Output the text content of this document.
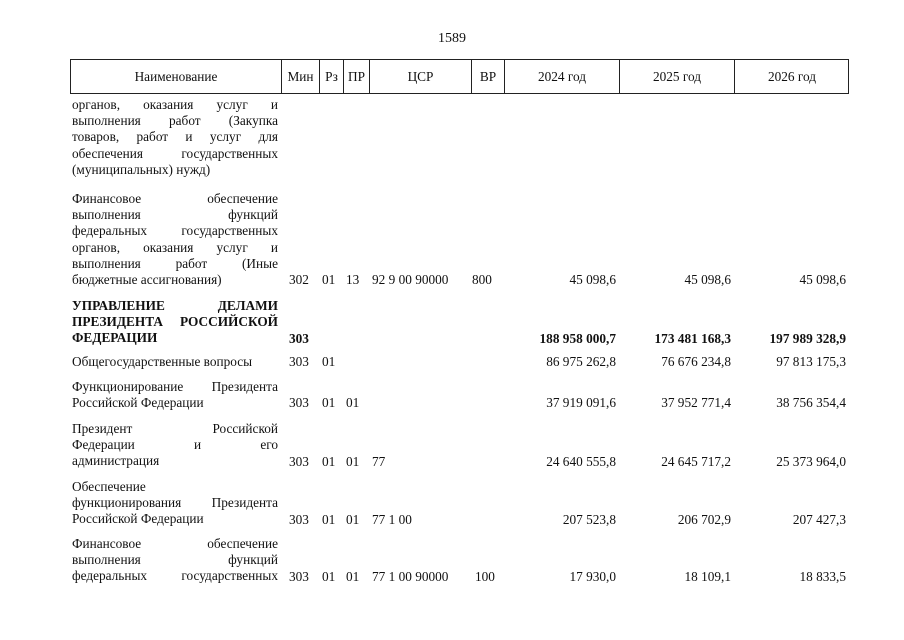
1589
Наименование	Мин Рз ПР	ЦСР	ВР	2024 год	2025 год	2026 год
органов, оказания услуг и
выполнения работ (Закупка
товаров, работ и услуг для
обеспечения государственных
(муниципальных) нужд)
Финансовое обеспечение
выполнения функций
федеральных государственных
органов, оказания услуг и
выполнения работ (Иные
бюджетные ассигнования)	302 01 13 92 9 00 90000 800	45 098,6	45 098,6	45 098,6
УПРАВЛЕНИЕ ДЕЛАМИ
ПРЕЗИДЕНТА РОССИЙСКОЙ
ФЕДЕРАЦИИ	303	188 958 000,7	173 481 168,3	197 989 328,9
Общегосударственные вопросы	303 01	86 975 262,8	76 676 234,8	97 813 175,3
Функционирование Президента
Российской Федерации	303 01 01	37 919 091,6	37 952 771,4	38 756 354,4
Президент Российской
Федерации и его
администрация	303 01 01 77	24 640 555,8	24 645 717,2	25 373 964,0
Обеспечение
функционирования Президента
Российской Федерации	303 01 01 77 1 00	207 523,8	206 702,9	207 427,3
Финансовое обеспечение
выполнения функций
федеральных государственных 303 01 01 77 1 00 90000 100	17 930,0	18 109,1	18 833,5
